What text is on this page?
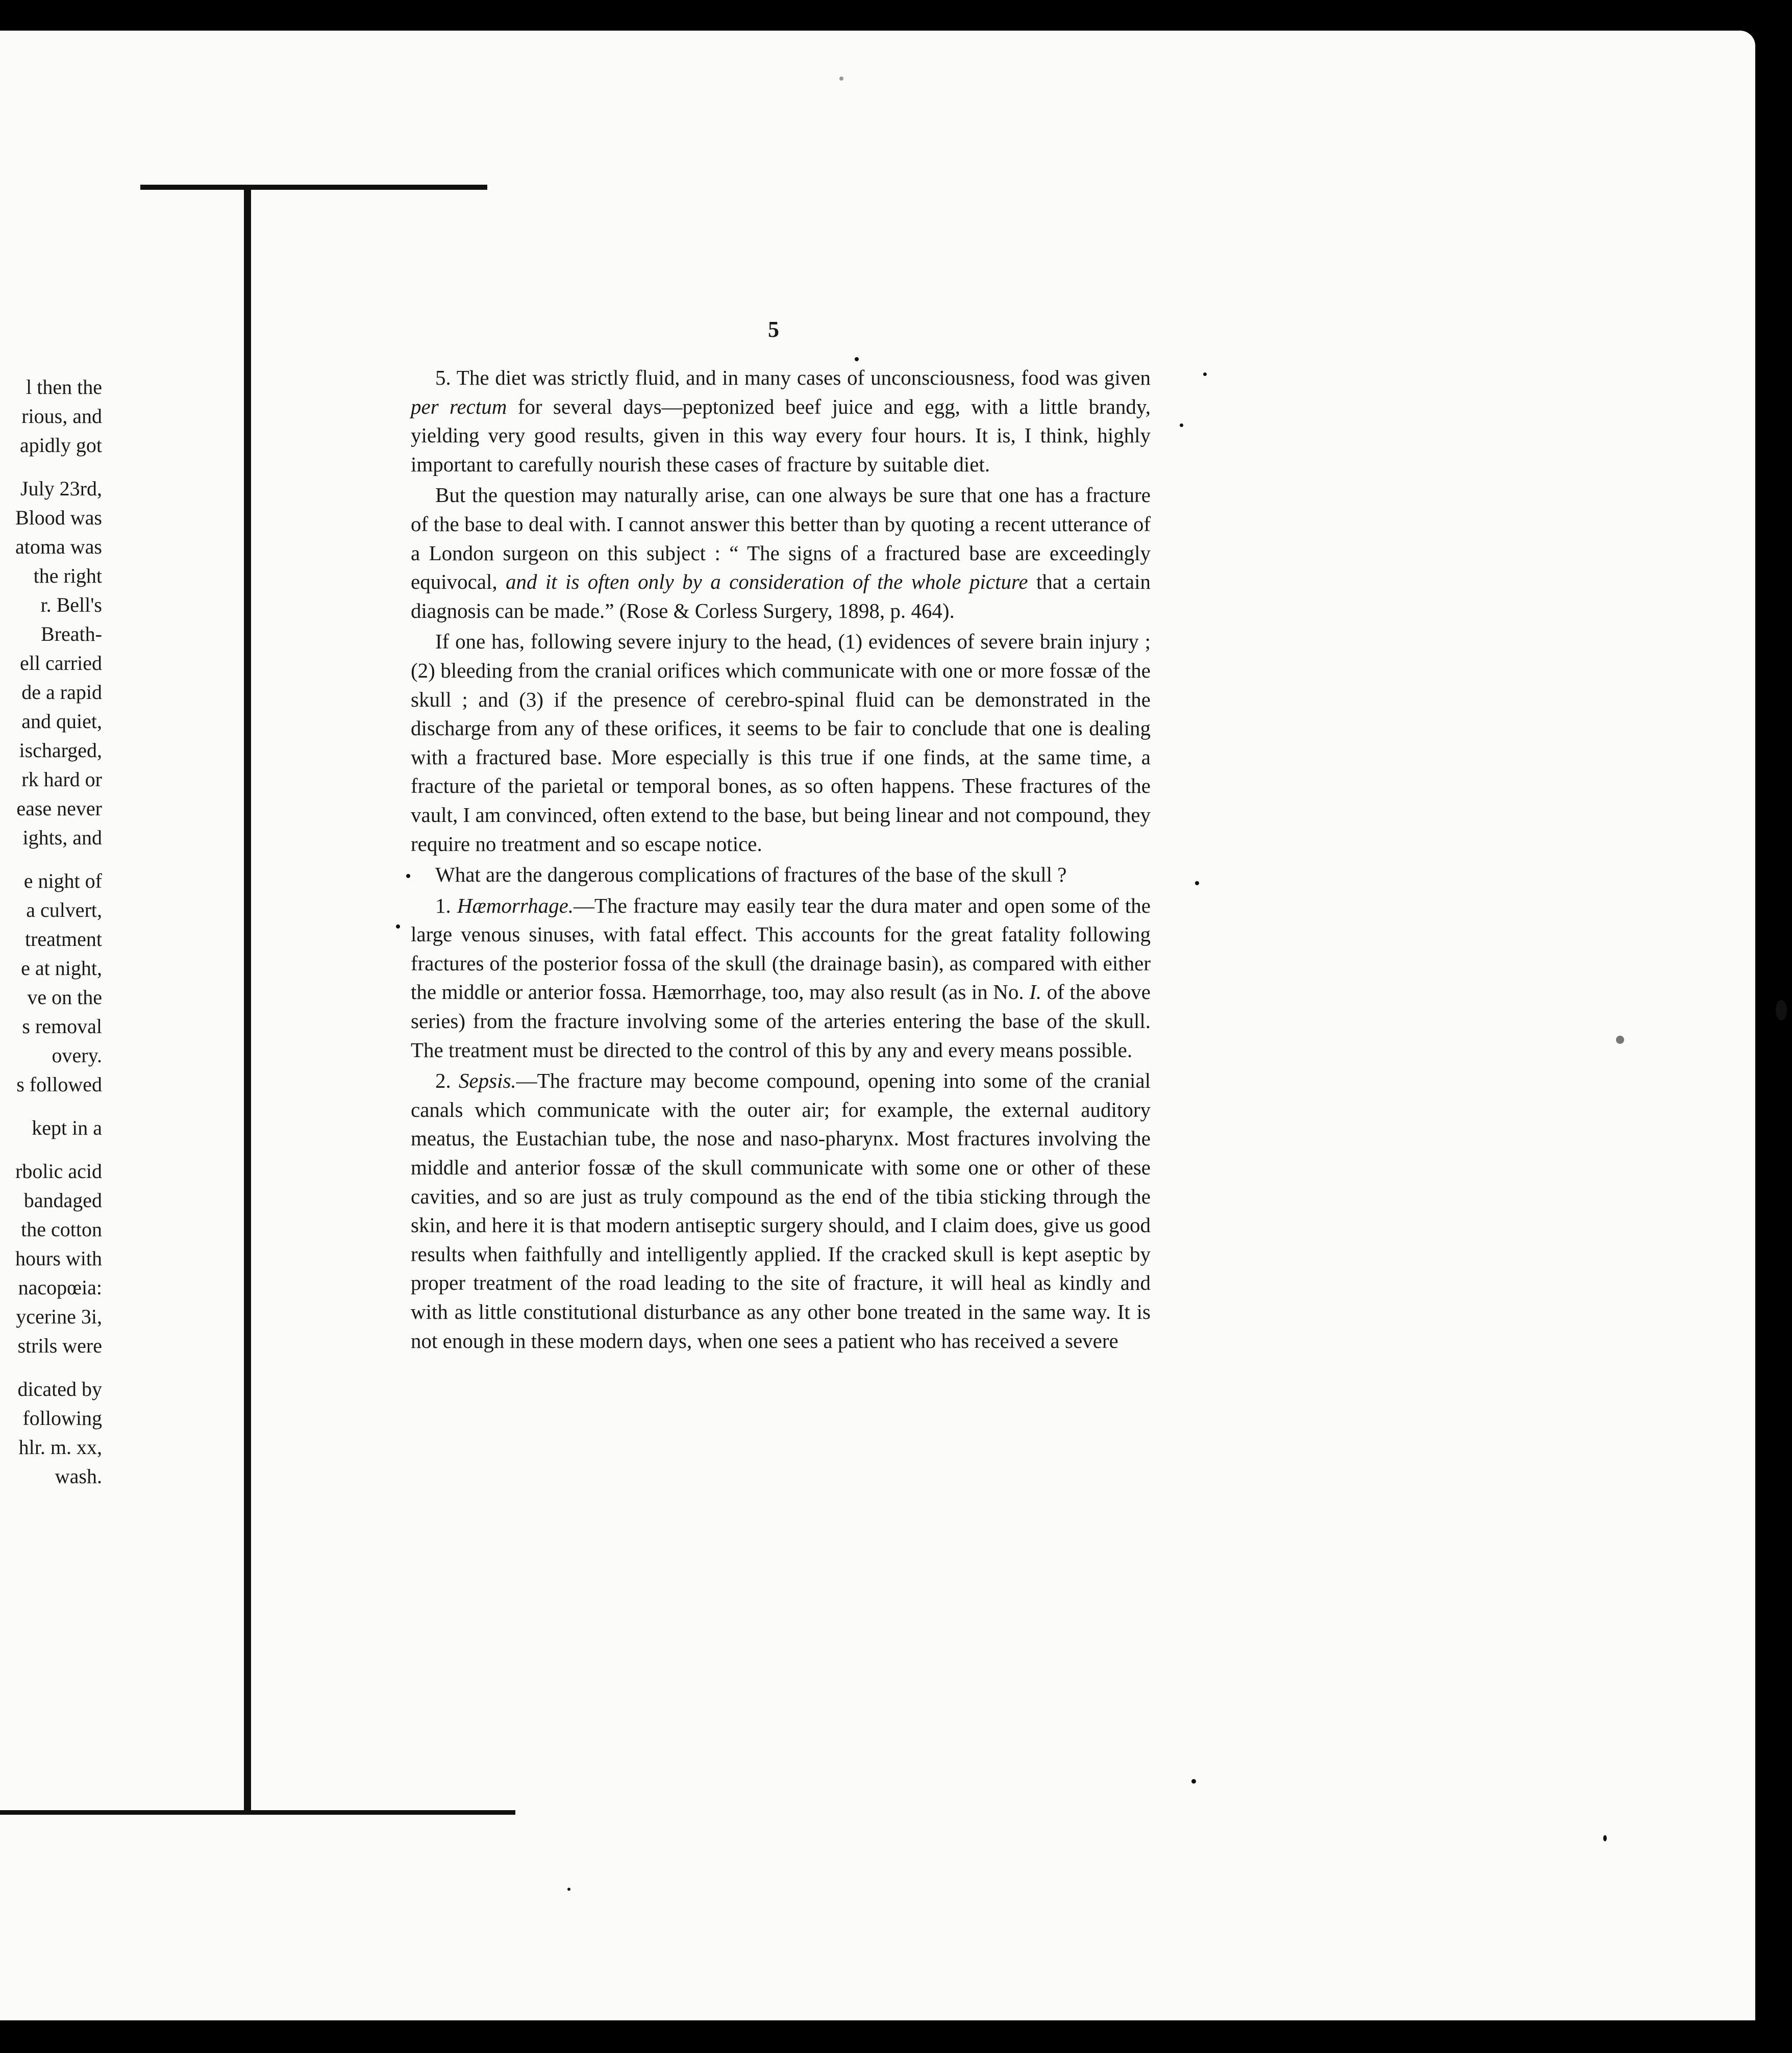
l then the
rious, and
apidly got
July 23rd,
Blood was
atoma was
the right
r. Bell's
Breath-
ell carried
de a rapid
and quiet,
ischarged,
rk hard or
ease never
ights, and
e night of
a culvert,
treatment
e at night,
ve on the
s removal
overy.
s followed
kept in a
rbolic acid
bandaged
the cotton
hours with
nacopœia:
ycerine 3i,
strils were
dicated by
following
hlr. m. xx,
wash.
5

5. The diet was strictly fluid, and in many cases of unconsciousness, food was given per rectum for several days—peptonized beef juice and egg, with a little brandy, yielding very good results, given in this way every four hours. It is, I think, highly important to carefully nourish these cases of fracture by suitable diet.

But the question may naturally arise, can one always be sure that one has a fracture of the base to deal with. I cannot answer this better than by quoting a recent utterance of a London surgeon on this subject : “ The signs of a fractured base are exceedingly equivocal, and it is often only by a consideration of the whole picture that a certain diagnosis can be made.” (Rose & Corless Surgery, 1898, p. 464).

If one has, following severe injury to the head, (1) evidences of severe brain injury ; (2) bleeding from the cranial orifices which communicate with one or more fossæ of the skull ; and (3) if the presence of cerebro-spinal fluid can be demonstrated in the discharge from any of these orifices, it seems to be fair to conclude that one is dealing with a fractured base. More especially is this true if one finds, at the same time, a fracture of the parietal or temporal bones, as so often happens. These fractures of the vault, I am convinced, often extend to the base, but being linear and not compound, they require no treatment and so escape notice.

What are the dangerous complications of fractures of the base of the skull ?

1. Hæmorrhage.—The fracture may easily tear the dura mater and open some of the large venous sinuses, with fatal effect. This accounts for the great fatality following fractures of the posterior fossa of the skull (the drainage basin), as compared with either the middle or anterior fossa. Hæmorrhage, too, may also result (as in No. I. of the above series) from the fracture involving some of the arteries entering the base of the skull. The treatment must be directed to the control of this by any and every means possible.

2. Sepsis.—The fracture may become compound, opening into some of the cranial canals which communicate with the outer air; for example, the external auditory meatus, the Eustachian tube, the nose and naso-pharynx. Most fractures involving the middle and anterior fossæ of the skull communicate with some one or other of these cavities, and so are just as truly compound as the end of the tibia sticking through the skin, and here it is that modern antiseptic surgery should, and I claim does, give us good results when faithfully and intelligently applied. If the cracked skull is kept aseptic by proper treatment of the road leading to the site of fracture, it will heal as kindly and with as little constitutional disturbance as any other bone treated in the same way. It is not enough in these modern days, when one sees a patient who has received a severe
